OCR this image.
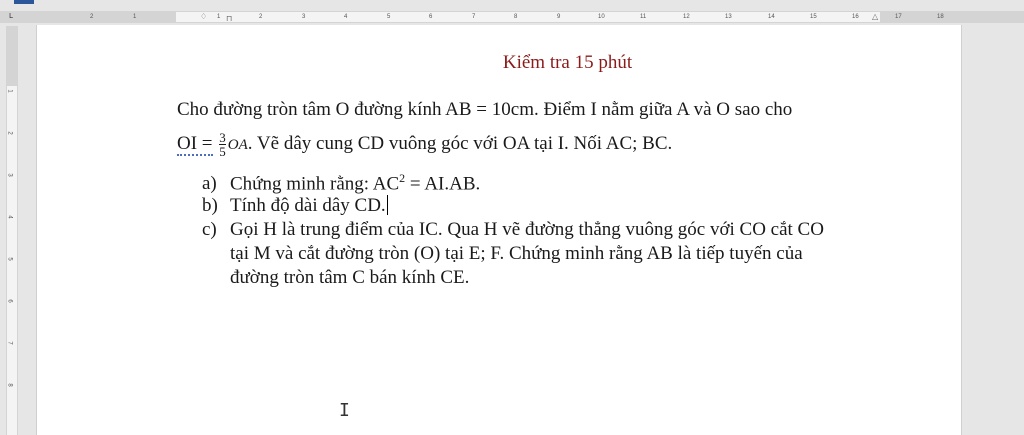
2	1	♢ ⊓
1	2	3	4	5	6	7	8	9	10	11	12	13	14	15	16 △	17	18
L
1
2
3
4
5
6
7
8
Kiểm tra 15 phút
Cho đường tròn tâm O đường kính AB = 10cm. Điểm I nằm giữa A và O sao cho
OI = $\frac{3}{5}$ OA. Vẽ dây cung CD vuông góc với OA tại I. Nối AC; BC.
a) Chứng minh rằng: $AC^2 = AI.AB$.
b) Tính độ dài dây CD.
c) Gọi H là trung điểm của IC. Qua H vẽ đường thẳng vuông góc với CO cắt CO
tại M và cắt đường tròn (O) tại E; F. Chứng minh rằng AB là tiếp tuyến của
đường tròn tâm C bán kính CE.
I
